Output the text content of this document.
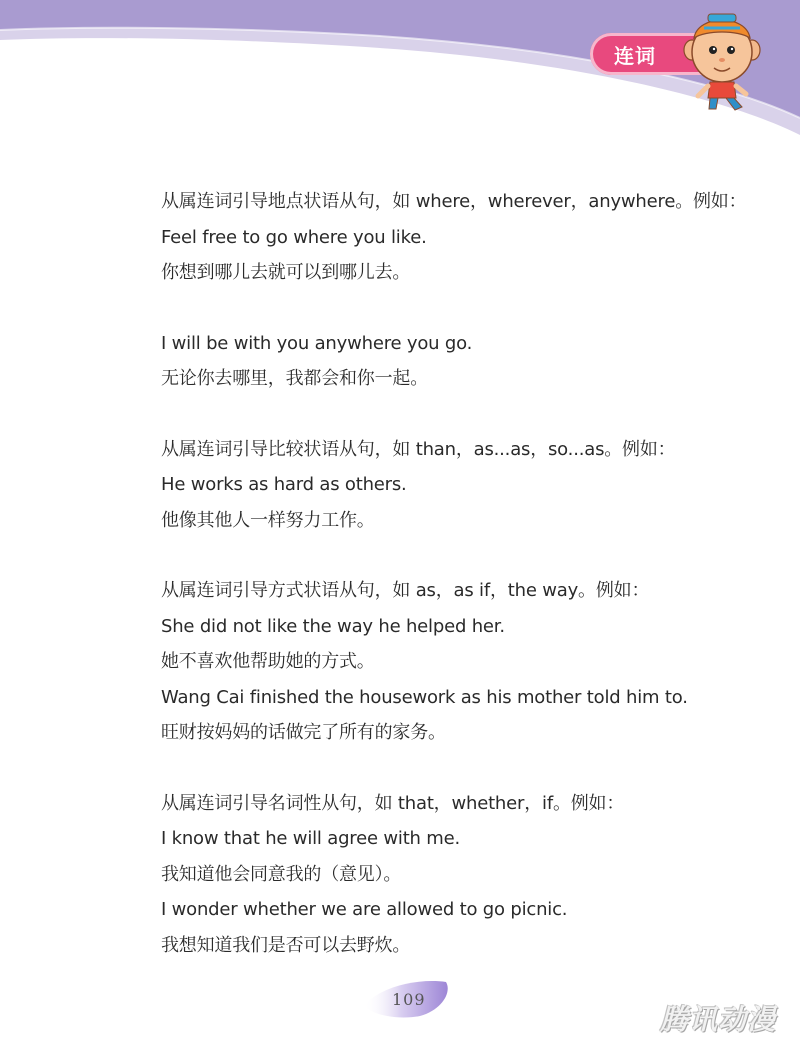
连词
从属连词引导地点状语从句，如 where，wherever，anywhere。例如：
Feel free to go where you like.
你想到哪儿去就可以到哪儿去。
I will be with you anywhere you go.
无论你去哪里，我都会和你一起。
从属连词引导比较状语从句，如 than，as...as，so...as。例如：
He works as hard as others.
他像其他人一样努力工作。
从属连词引导方式状语从句，如 as，as if，the way。例如：
She did not like the way he helped her.
她不喜欢他帮助她的方式。
Wang Cai finished the housework as his mother told him to.
旺财按妈妈的话做完了所有的家务。
从属连词引导名词性从句，如 that，whether，if。例如：
I know that he will agree with me.
我知道他会同意我的（意见）。
I wonder whether we are allowed to go picnic.
我想知道我们是否可以去野炊。
109
腾讯动漫
